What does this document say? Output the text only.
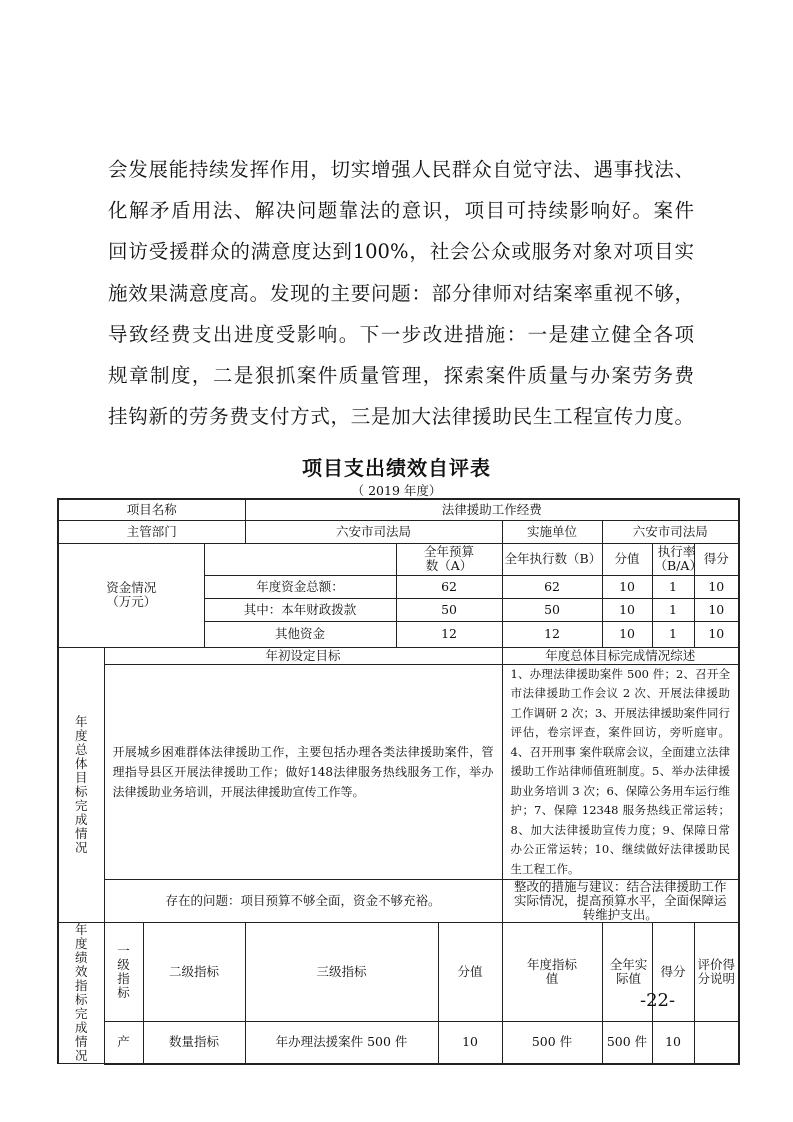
会发展能持续发挥作用，切实增强人民群众自觉守法、遇事找法、
化解矛盾用法、解决问题靠法的意识，项目可持续影响好。案件
回访受援群众的满意度达到100%，社会公众或服务对象对项目实
施效果满意度高。发现的主要问题：部分律师对结案率重视不够，
导致经费支出进度受影响。下一步改进措施：一是建立健全各项
规章制度，二是狠抓案件质量管理，探索案件质量与办案劳务费
挂钩新的劳务费支付方式，三是加大法律援助民生工程宣传力度。
项目支出绩效自评表
（ 2019 年度）
项目名称				法律援助工作经费						
主管部门				六安市司法局			实施单位	六安市司法局		

资金情况
（万元）					全年预算数（A）		全年执行数（B）	分值	执行率（B/A）	得分
			年度资金总额：		62		62	10	1	10
			其中：本年财政拨款		50		50	10	1	10
			其他资金		12		12	10	1	10

年度总体目标完成情况	年初设定目标						年度总体目标完成情况综述			
	开展城乡困难群体法律援助工作，主要包括办理各类法律援助案件，管理指导县区开展法律援助工作；做好148法律服务热线服务工作，举办法律援助业务培训，开展法律援助宣传工作等。						1、办理法律援助案件 500 件；2、召开全市法律援助工作会议 2 次、开展法律援助工作调研 2 次；3、开展法律援助案件同行评估，卷宗评查，案件回访，旁听庭审。4、召开刑事 案件联席会议，全面建立法律援助工作站律师值班制度。5、举办法律援助业务培训 3 次；6、保障公务用车运行维护；7、保障 12348 服务热线正常运转；8、加大法律援助宣传力度；9、保障日常办公正常运转；10、继续做好法律援助民生工程工作。			
	存在的问题：项目预算不够全面，资金不够充裕。						整改的措施与建议：结合法律援助工作实际情况，提高预算水平，全面保障运转维护支出。			

年度绩效指标完成情况	一级指标	二级指标		三级指标		分值	年度指标值	全年实际值	得分	评价得分说明
	产	数量指标		年办理法援案件 500 件		10	500 件	500 件	10	
-22-
